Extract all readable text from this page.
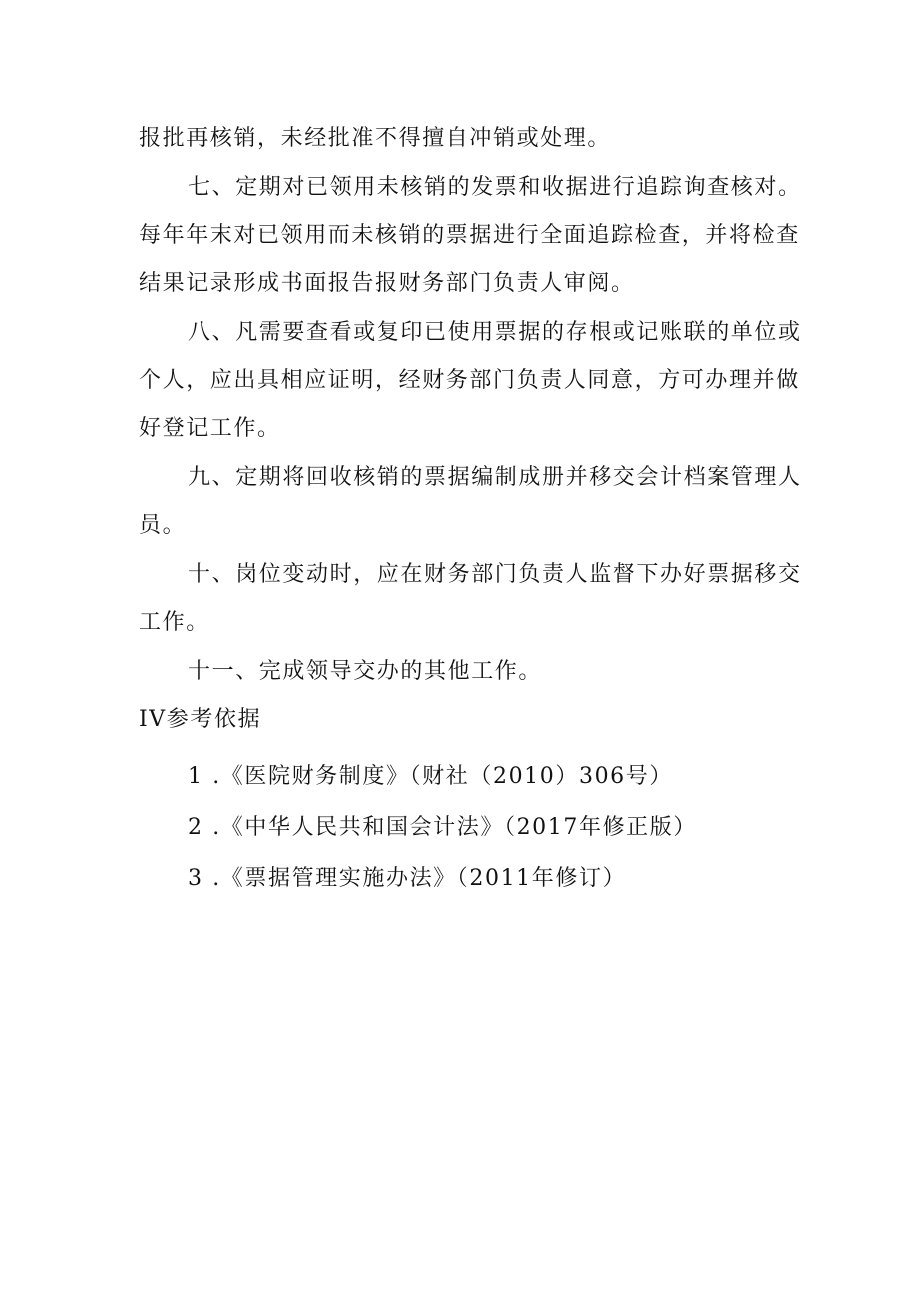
报批再核销，未经批准不得擅自冲销或处理。
七、定期对已领用未核销的发票和收据进行追踪询查核对。
每年年末对已领用而未核销的票据进行全面追踪检查，并将检查
结果记录形成书面报告报财务部门负责人审阅。
八、凡需要查看或复印已使用票据的存根或记账联的单位或
个人，应出具相应证明，经财务部门负责人同意，方可办理并做
好登记工作。
九、定期将回收核销的票据编制成册并移交会计档案管理人
员。
十、岗位变动时，应在财务部门负责人监督下办好票据移交
工作。
十一、完成领导交办的其他工作。
IV参考依据
1 .《医院财务制度》（财社（2010）306号）
2 .《中华人民共和国会计法》（2017年修正版）
3 .《票据管理实施办法》（2011年修订）
